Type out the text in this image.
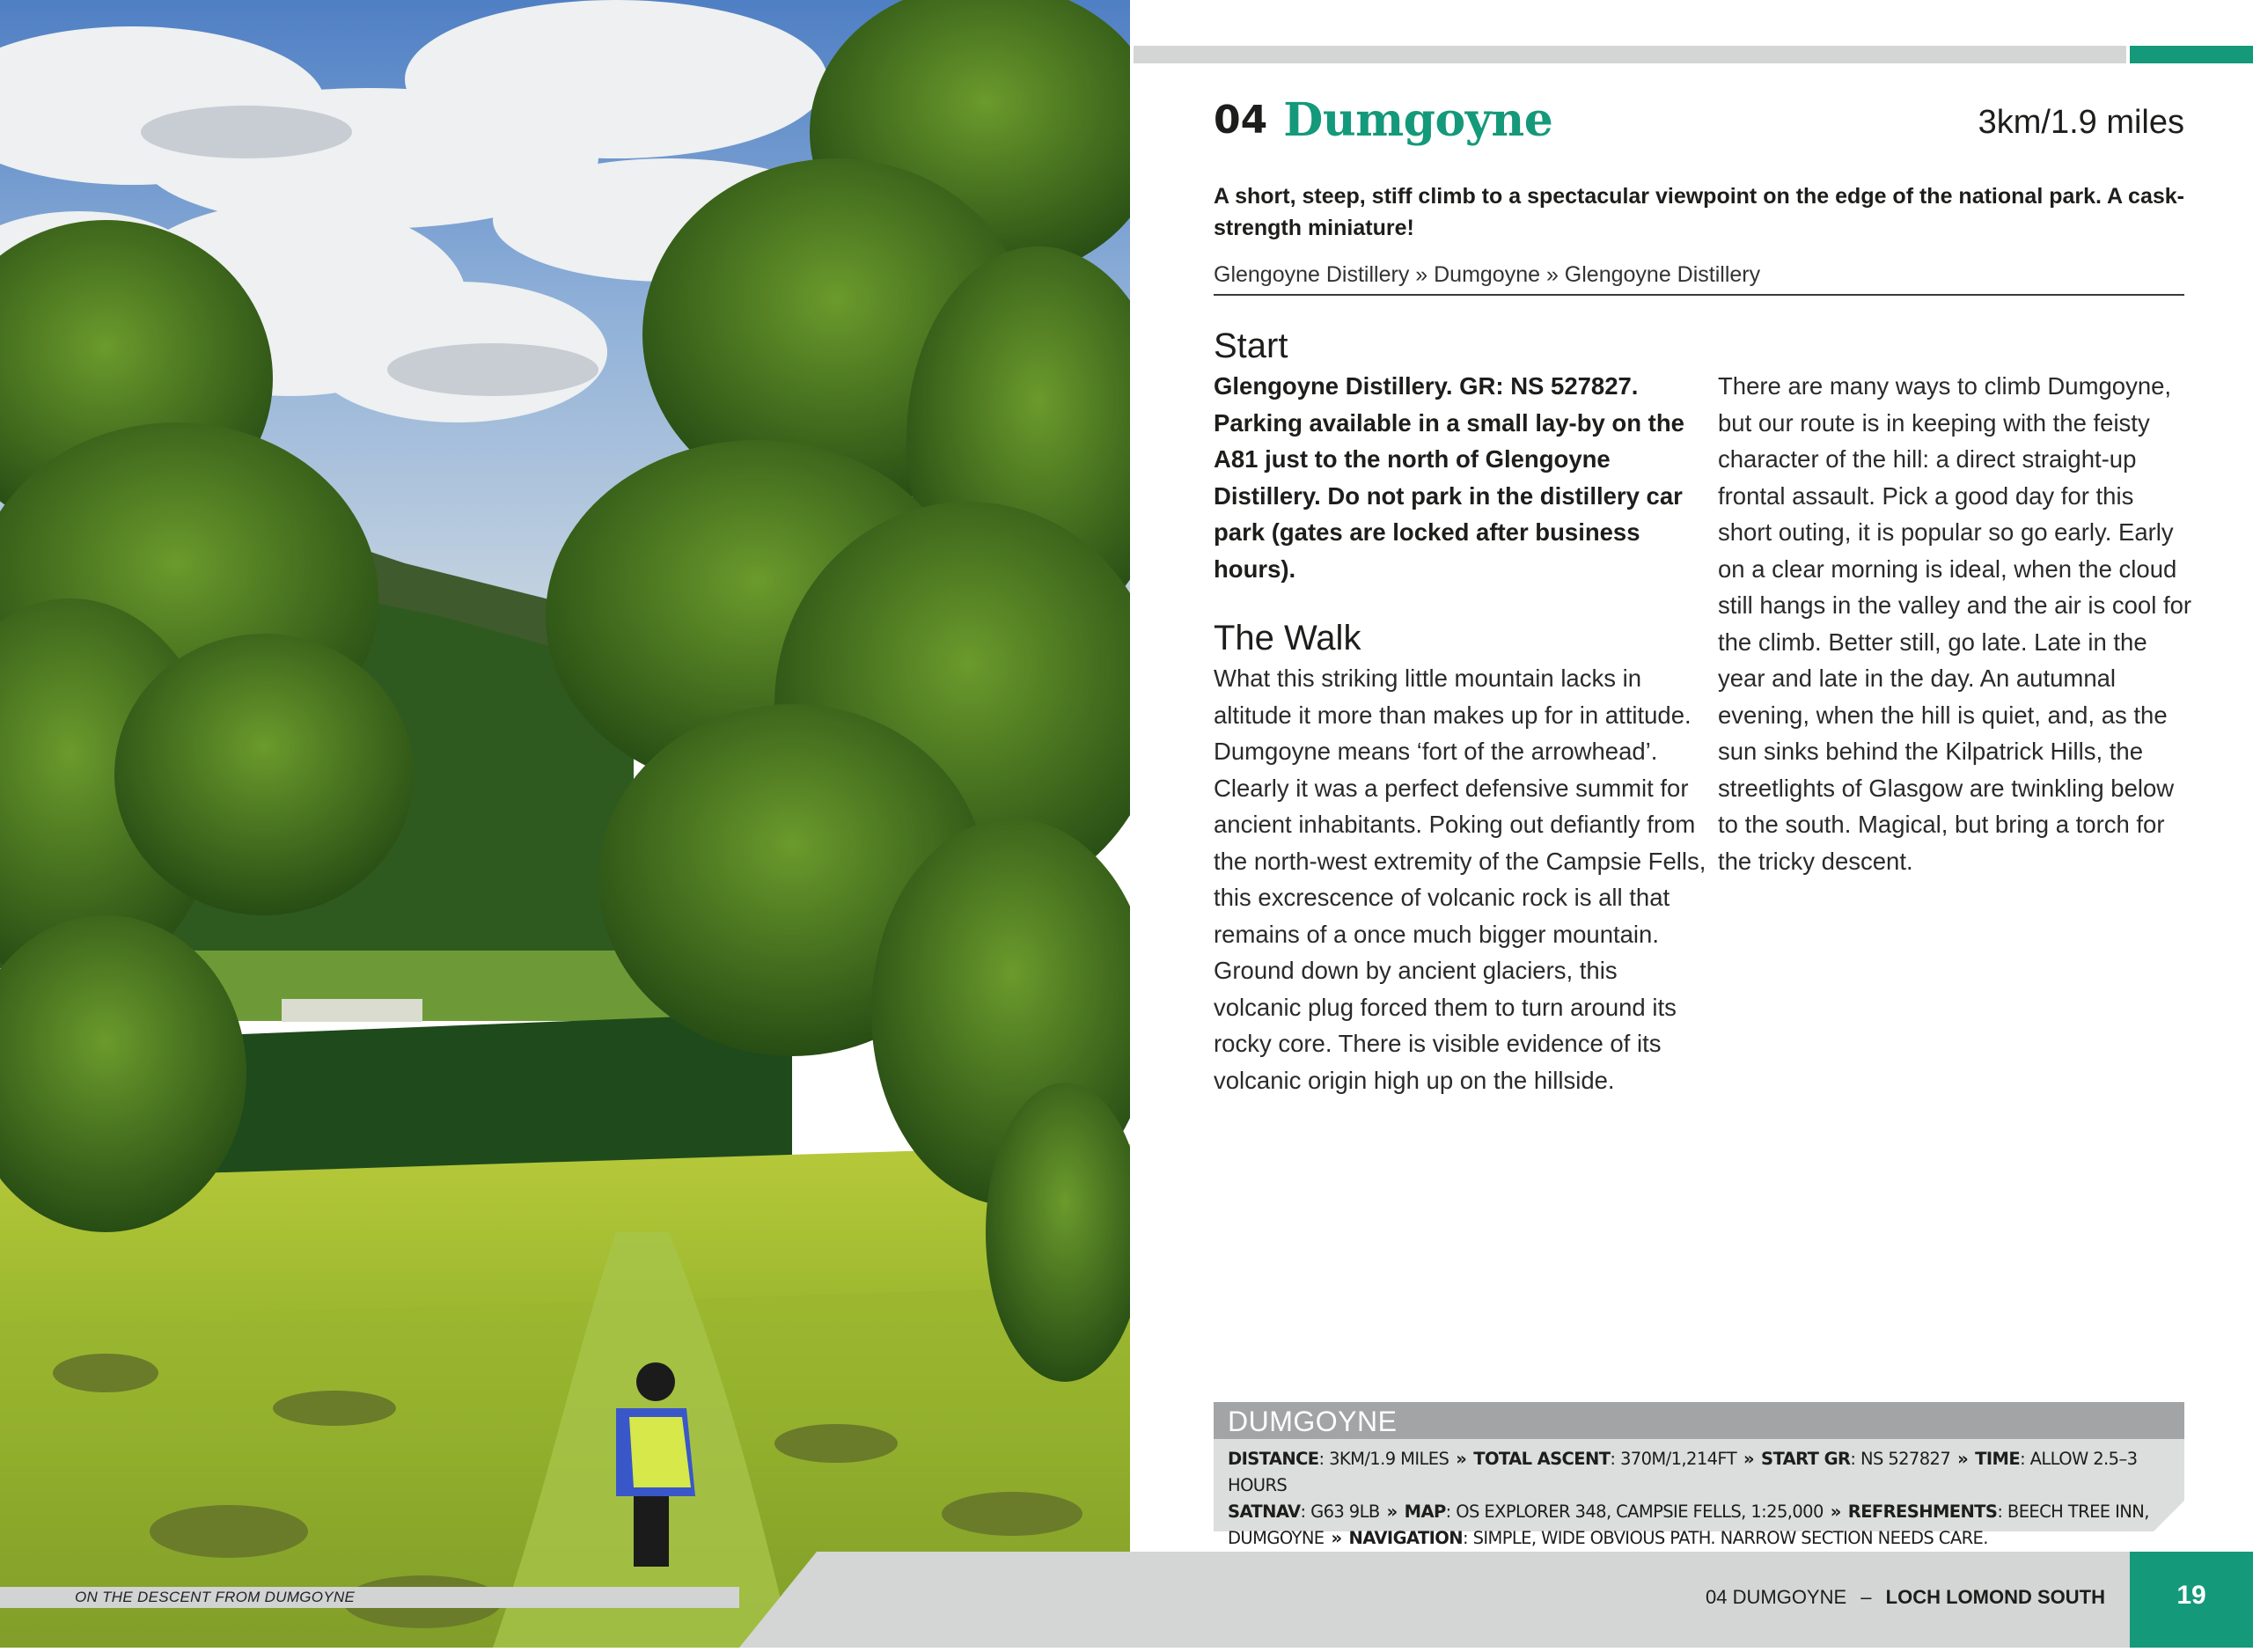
ON THE DESCENT FROM DUMGOYNE
04 Dumgoyne	3km/1.9 miles
A short, steep, stiff climb to a spectacular viewpoint on the edge of the national park. A cask-strength miniature!
Glengoyne Distillery » Dumgoyne » Glengoyne Distillery
Start
Glengoyne Distillery. GR: NS 527827. Parking available in a small lay-by on the A81 just to the north of Glengoyne Distillery. Do not park in the distillery car park (gates are locked after business hours).
The Walk
What this striking little mountain lacks in altitude it more than makes up for in attitude. Dumgoyne means ‘fort of the arrowhead’. Clearly it was a perfect defensive summit for ancient inhabitants. Poking out defiantly from the north-west extremity of the Campsie Fells, this excrescence of volcanic rock is all that remains of a once much bigger mountain. Ground down by ancient glaciers, this volcanic plug forced them to turn around its rocky core. There is visible evidence of its volcanic origin high up on the hillside.
There are many ways to climb Dumgoyne, but our route is in keeping with the feisty character of the hill: a direct straight-up frontal assault. Pick a good day for this short outing, it is popular so go early. Early on a clear morning is ideal, when the cloud still hangs in the valley and the air is cool for the climb. Better still, go late. Late in the year and late in the day. An autumnal evening, when the hill is quiet, and, as the sun sinks behind the Kilpatrick Hills, the streetlights of Glasgow are twinkling below to the south. Magical, but bring a torch for the tricky descent.
DUMGOYNE
DISTANCE: 3KM/1.9 MILES » TOTAL ASCENT: 370M/1,214FT » START GR: NS 527827 » TIME: ALLOW 2.5–3 HOURS
SATNAV: G63 9LB » MAP: OS EXPLORER 348, CAMPSIE FELLS, 1:25,000 » REFRESHMENTS: BEECH TREE INN, DUMGOYNE » NAVIGATION: SIMPLE, WIDE OBVIOUS PATH. NARROW SECTION NEEDS CARE.
04 DUMGOYNE – LOCH LOMOND SOUTH	19
